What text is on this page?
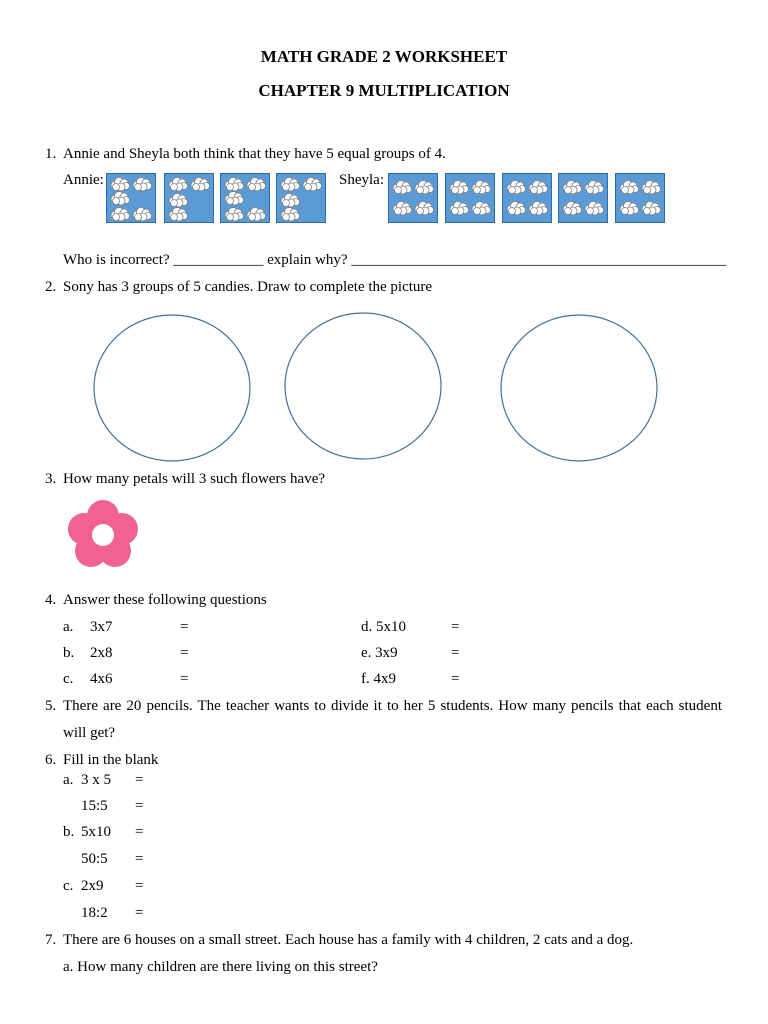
MATH GRADE 2 WORKSHEET
CHAPTER 9 MULTIPLICATION
1. Annie and Sheyla both think that they have 5 equal groups of 4.
Annie:	Sheyla:
Who is incorrect? ____________ explain why? __________________________________________________
2. Sony has 3 groups of 5 candies. Draw to complete the picture
3. How many petals will 3 such flowers have?
4. Answer these following questions
a. 3x7	=	d. 5x10	=
b. 2x8	=	e. 3x9	=
c. 4x6	=	f. 4x9	=
5. There are 20 pencils. The teacher wants to divide it to her 5 students. How many pencils that each student
will get?
6. Fill in the blank
a. 3 x 5 =
15:5 =
b. 5x10 =
50:5 =
c. 2x9 =
18:2 =
7. There are 6 houses on a small street. Each house has a family with 4 children, 2 cats and a dog.
a. How many children are there living on this street?
